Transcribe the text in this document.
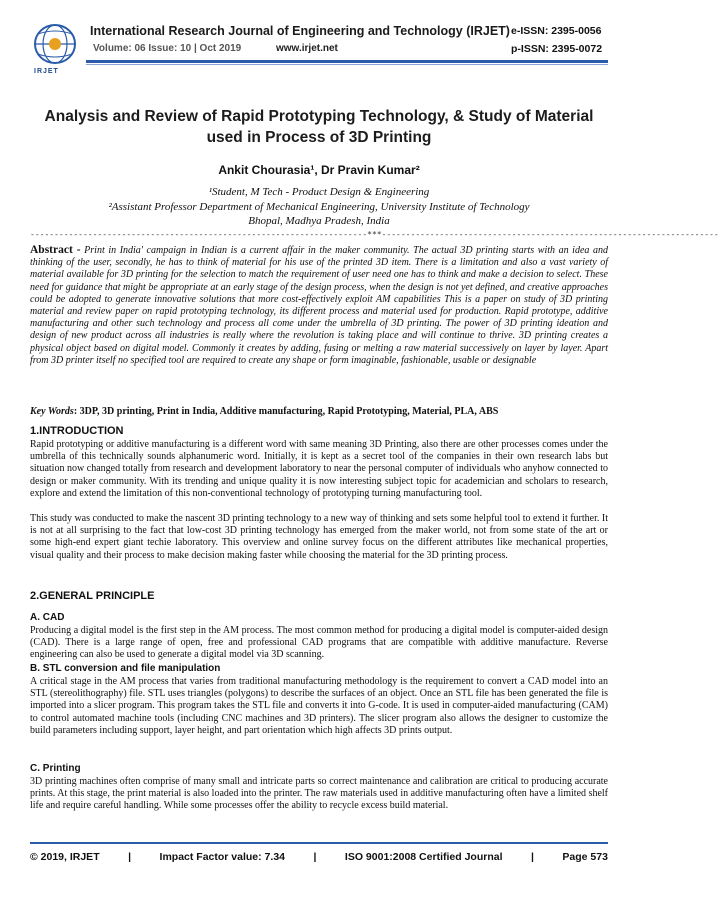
IRJET
International Research Journal of Engineering and Technology (IRJET) e-ISSN: 2395-0056
Volume: 06 Issue: 10 | Oct 2019	www.irjet.net	p-ISSN: 2395-0072
Analysis and Review of Rapid Prototyping Technology, & Study of Material used in Process of 3D Printing
Ankit Chourasia¹, Dr Pravin Kumar²
¹Student, M Tech - Product Design & Engineering
²Assistant Professor Department of Mechanical Engineering, University Institute of Technology
Bhopal, Madhya Pradesh, India
----------------------------------------------------------------------***----------------------------------------------------------------------
Abstract - Print in India' campaign in Indian is a current affair in the maker community. The actual 3D printing starts with an idea and thinking of the user, secondly, he has to think of material for his use of the printed 3D item. There is a limitation and also a vast variety of material available for 3D printing for the selection to match the requirement of user need one has to think and make a decision to select. These need for guidance that might be appropriate at an early stage of the design process, when the design is not yet defined, and creative approaches could be adopted to generate innovative solutions that more cost-effectively exploit AM capabilities This is a paper on study of 3D printing material and review paper on rapid prototyping technology, its different process and material used for production. Rapid prototype, additive manufacturing and other such technology and process all come under the umbrella of 3D printing. The power of 3D printing ideation and design of new product across all industries is really where the revolution is taking place and will continue to thrive. 3D printing creates a physical object based on digital model. Commonly it creates by adding, fusing or melting a raw material successively on layer by layer. Apart from 3D printer itself no specified tool are required to create any shape or form imaginable, fashionable, usable or designable
Key Words: 3DP, 3D printing, Print in India, Additive manufacturing, Rapid Prototyping, Material, PLA, ABS
1.INTRODUCTION
Rapid prototyping or additive manufacturing is a different word with same meaning 3D Printing, also there are other processes comes under the umbrella of this technically sounds alphanumeric word. Initially, it is kept as a secret tool of the companies in their own research labs but situation now changed totally from research and development laboratory to near the personal computer of individuals who anyhow connected to design or maker community. With its trending and unique quality it is now interesting subject topic for academician and scholars to research, explore and extend the limitation of this non-conventional technology of prototyping turning manufacturing tool.
This study was conducted to make the nascent 3D printing technology to a new way of thinking and sets some helpful tool to extend it further. It is not at all surprising to the fact that low-cost 3D printing technology has emerged from the maker world, not from some state of the art or some high-end expert giant techie laboratory. This overview and online survey focus on the different attributes like mechanical properties, visual quality and their process to make decision making faster while choosing the material for the 3D printing process.
2.GENERAL PRINCIPLE
A. CAD
Producing a digital model is the first step in the AM process. The most common method for producing a digital model is computer-aided design (CAD). There is a large range of open, free and professional CAD programs that are compatible with additive manufacture. Reverse engineering can also be used to generate a digital model via 3D scanning.
B. STL conversion and file manipulation
A critical stage in the AM process that varies from traditional manufacturing methodology is the requirement to convert a CAD model into an STL (stereolithography) file. STL uses triangles (polygons) to describe the surfaces of an object. Once an STL file has been generated the file is imported into a slicer program. This program takes the STL file and converts it into G-code. It is used in computer-aided manufacturing (CAM) to control automated machine tools (including CNC machines and 3D printers). The slicer program also allows the designer to customize the build parameters including support, layer height, and part orientation which high affects 3D prints output.
C. Printing
3D printing machines often comprise of many small and intricate parts so correct maintenance and calibration are critical to producing accurate prints. At this stage, the print material is also loaded into the printer. The raw materials used in additive manufacturing often have a limited shelf life and require careful handling. While some processes offer the ability to recycle excess build material.
© 2019, IRJET	|	Impact Factor value: 7.34	|	ISO 9001:2008 Certified Journal	|	Page 573
